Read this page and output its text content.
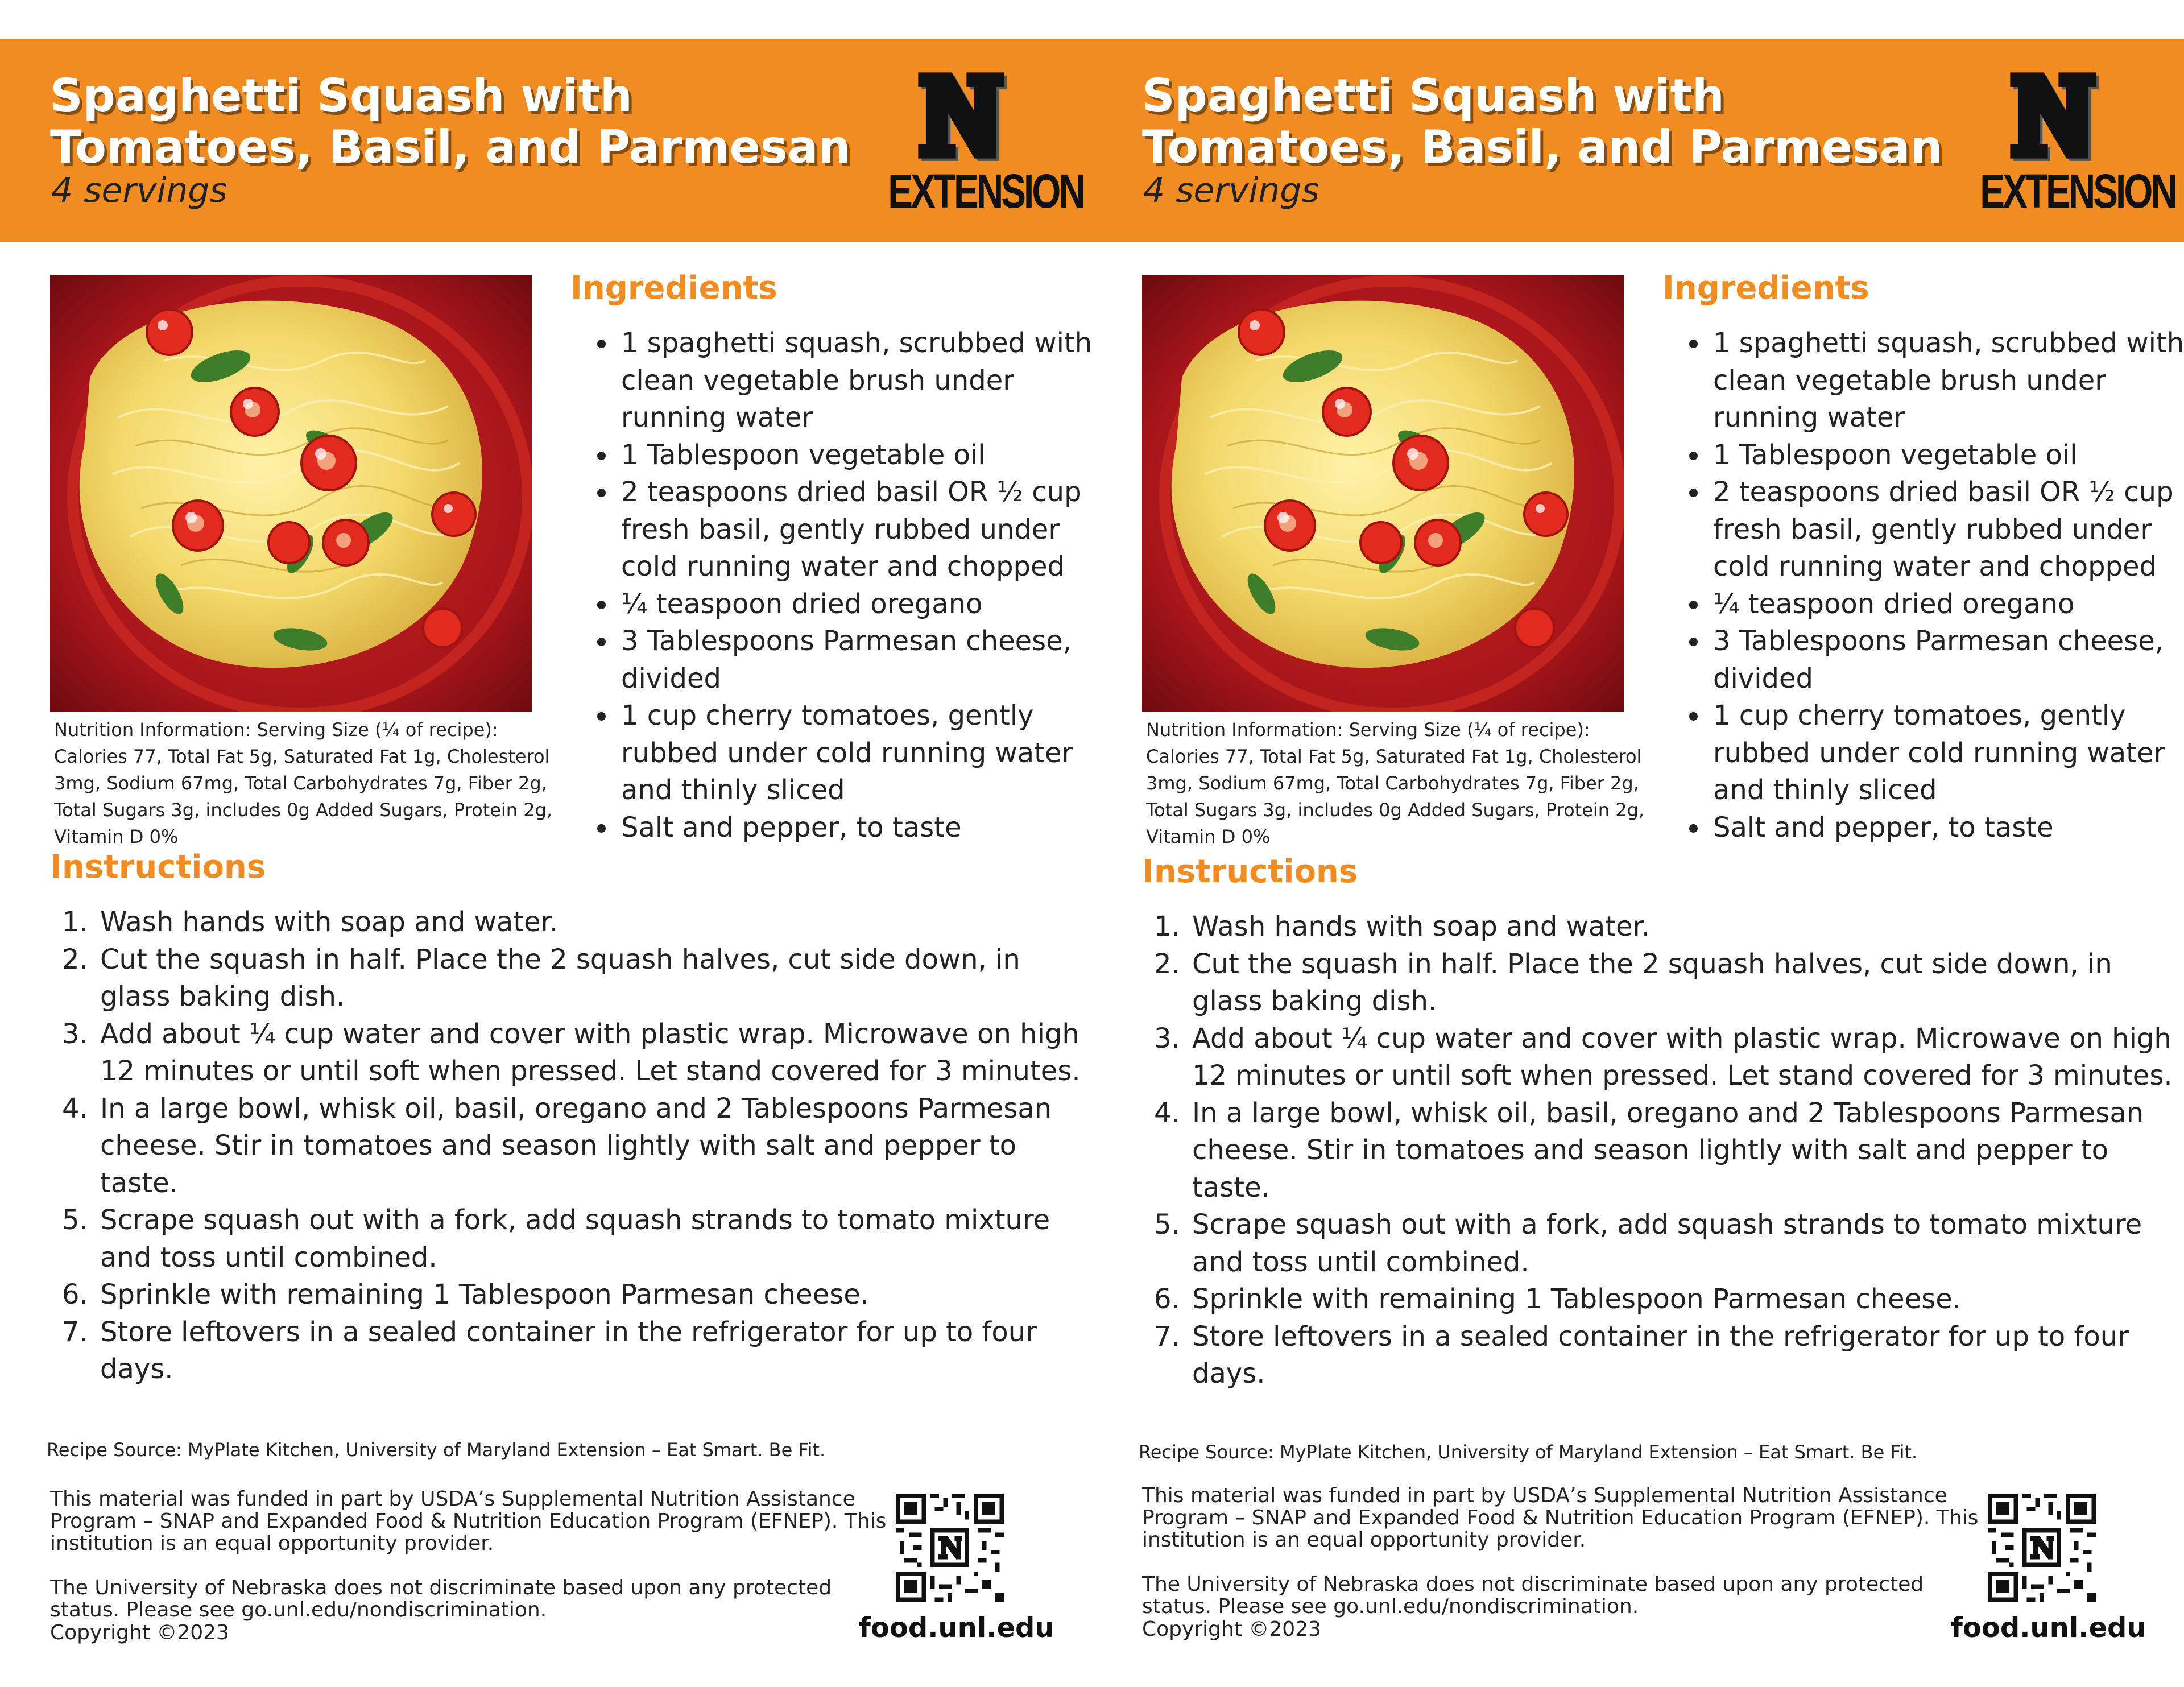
Spaghetti Squash with
Tomatoes, Basil, and Parmesan
4 servings	EXTENSION
Nutrition Information: Serving Size (¼ of recipe): Calories 77, Total Fat 5g, Saturated Fat 1g, Cholesterol 3mg, Sodium 67mg, Total Carbohydrates 7g, Fiber 2g, Total Sugars 3g, includes 0g Added Sugars, Protein 2g, Vitamin D 0%
Ingredients
• 1 spaghetti squash, scrubbed with clean vegetable brush under running water
• 1 Tablespoon vegetable oil
• 2 teaspoons dried basil OR ½ cup fresh basil, gently rubbed under cold running water and chopped
• ¼ teaspoon dried oregano
• 3 Tablespoons Parmesan cheese, divided
• 1 cup cherry tomatoes, gently rubbed under cold running water and thinly sliced
• Salt and pepper, to taste
Instructions
1. Wash hands with soap and water.
2. Cut the squash in half. Place the 2 squash halves, cut side down, in glass baking dish.
3. Add about ¼ cup water and cover with plastic wrap. Microwave on high 12 minutes or until soft when pressed. Let stand covered for 3 minutes.
4. In a large bowl, whisk oil, basil, oregano and 2 Tablespoons Parmesan cheese. Stir in tomatoes and season lightly with salt and pepper to taste.
5. Scrape squash out with a fork, add squash strands to tomato mixture and toss until combined.
6. Sprinkle with remaining 1 Tablespoon Parmesan cheese.
7. Store leftovers in a sealed container in the refrigerator for up to four days.
Recipe Source: MyPlate Kitchen, University of Maryland Extension – Eat Smart. Be Fit.
This material was funded in part by USDA’s Supplemental Nutrition Assistance Program – SNAP and Expanded Food & Nutrition Education Program (EFNEP). This institution is an equal opportunity provider.
The University of Nebraska does not discriminate based upon any protected status. Please see go.unl.edu/nondiscrimination.
Copyright ©2023	food.unl.edu
Spaghetti Squash with
Tomatoes, Basil, and Parmesan
4 servings	EXTENSION
Nutrition Information: Serving Size (¼ of recipe): Calories 77, Total Fat 5g, Saturated Fat 1g, Cholesterol 3mg, Sodium 67mg, Total Carbohydrates 7g, Fiber 2g, Total Sugars 3g, includes 0g Added Sugars, Protein 2g, Vitamin D 0%
Ingredients
• 1 spaghetti squash, scrubbed with clean vegetable brush under running water
• 1 Tablespoon vegetable oil
• 2 teaspoons dried basil OR ½ cup fresh basil, gently rubbed under cold running water and chopped
• ¼ teaspoon dried oregano
• 3 Tablespoons Parmesan cheese, divided
• 1 cup cherry tomatoes, gently rubbed under cold running water and thinly sliced
• Salt and pepper, to taste
Instructions
1. Wash hands with soap and water.
2. Cut the squash in half. Place the 2 squash halves, cut side down, in glass baking dish.
3. Add about ¼ cup water and cover with plastic wrap. Microwave on high 12 minutes or until soft when pressed. Let stand covered for 3 minutes.
4. In a large bowl, whisk oil, basil, oregano and 2 Tablespoons Parmesan cheese. Stir in tomatoes and season lightly with salt and pepper to taste.
5. Scrape squash out with a fork, add squash strands to tomato mixture and toss until combined.
6. Sprinkle with remaining 1 Tablespoon Parmesan cheese.
7. Store leftovers in a sealed container in the refrigerator for up to four days.
Recipe Source: MyPlate Kitchen, University of Maryland Extension – Eat Smart. Be Fit.
This material was funded in part by USDA’s Supplemental Nutrition Assistance Program – SNAP and Expanded Food & Nutrition Education Program (EFNEP). This institution is an equal opportunity provider.
The University of Nebraska does not discriminate based upon any protected status. Please see go.unl.edu/nondiscrimination.
Copyright ©2023	food.unl.edu
